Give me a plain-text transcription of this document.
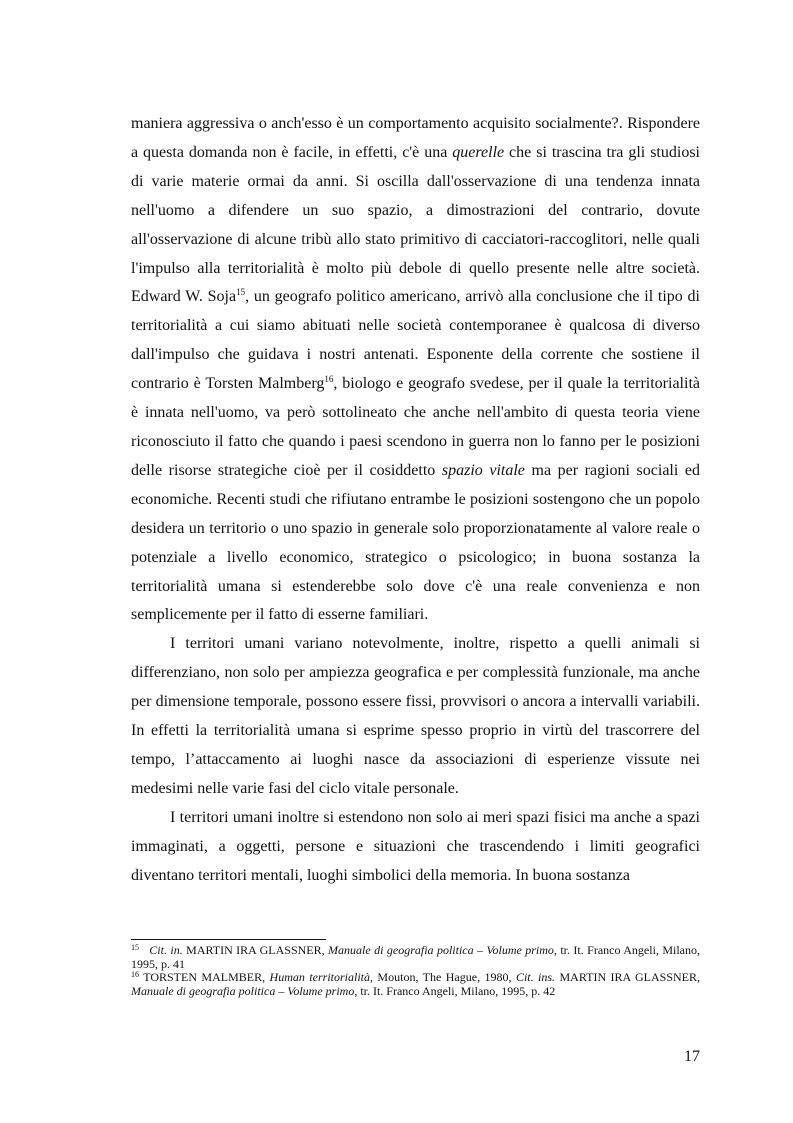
maniera aggressiva o anch'esso è un comportamento acquisito socialmente?. Rispondere a questa domanda non è facile, in effetti, c'è una querelle che si trascina tra gli studiosi di varie materie ormai da anni. Si oscilla dall'osservazione di una tendenza innata nell'uomo a difendere un suo spazio, a dimostrazioni del contrario, dovute all'osservazione di alcune tribù allo stato primitivo di cacciatori-raccoglitori, nelle quali l'impulso alla territorialità è molto più debole di quello presente nelle altre società. Edward W. Soja$^{15}$, un geografo politico americano, arrivò alla conclusione che il tipo di territorialità a cui siamo abituati nelle società contemporanee è qualcosa di diverso dall'impulso che guidava i nostri antenati. Esponente della corrente che sostiene il contrario è Torsten Malmberg$^{16}$, biologo e geografo svedese, per il quale la territorialità è innata nell'uomo, va però sottolineato che anche nell'ambito di questa teoria viene riconosciuto il fatto che quando i paesi scendono in guerra non lo fanno per le posizioni delle risorse strategiche cioè per il cosiddetto spazio vitale ma per ragioni sociali ed economiche. Recenti studi che rifiutano entrambe le posizioni sostengono che un popolo desidera un territorio o uno spazio in generale solo proporzionatamente al valore reale o potenziale a livello economico, strategico o psicologico; in buona sostanza la territorialità umana si estenderebbe solo dove c'è una reale convenienza e non semplicemente per il fatto di esserne familiari.

I territori umani variano notevolmente, inoltre, rispetto a quelli animali si differenziano, non solo per ampiezza geografica e per complessità funzionale, ma anche per dimensione temporale, possono essere fissi, provvisori o ancora a intervalli variabili. In effetti la territorialità umana si esprime spesso proprio in virtù del trascorrere del tempo, l’attaccamento ai luoghi nasce da associazioni di esperienze vissute nei medesimi nelle varie fasi del ciclo vitale personale.

I territori umani inoltre si estendono non solo ai meri spazi fisici ma anche a spazi immaginati, a oggetti, persone e situazioni che trascendendo i limiti geografici diventano territori mentali, luoghi simbolici della memoria. In buona sostanza

$^{15}$ Cit. in. MARTIN IRA GLASSNER, Manuale di geografia politica – Volume primo, tr. It. Franco Angeli, Milano, 1995, p. 41

$^{16}$ TORSTEN MALMBER, Human territorialità, Mouton, The Hague, 1980, Cit. ins. MARTIN IRA GLASSNER, Manuale di geografia politica – Volume primo, tr. It. Franco Angeli, Milano, 1995, p. 42

17
